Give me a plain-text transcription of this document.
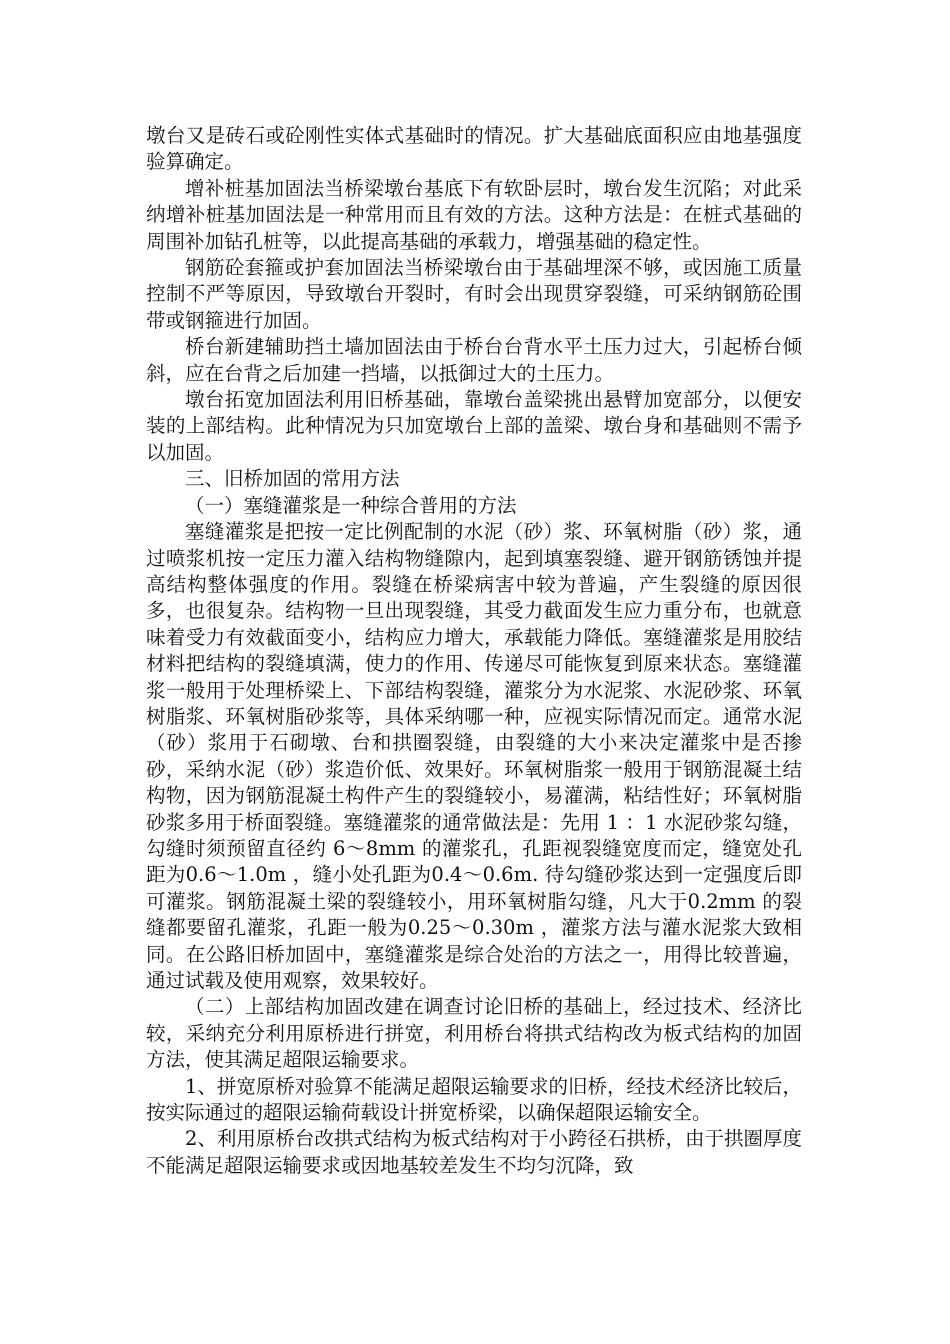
墩台又是砖石或砼刚性实体式基础时的情况。扩大基础底面积应由地基强度验算确定。

增补桩基加固法当桥梁墩台基底下有软卧层时，墩台发生沉陷；对此采纳增补桩基加固法是一种常用而且有效的方法。这种方法是：在桩式基础的周围补加钻孔桩等，以此提高基础的承载力，增强基础的稳定性。

钢筋砼套箍或护套加固法当桥梁墩台由于基础埋深不够，或因施工质量控制不严等原因，导致墩台开裂时，有时会出现贯穿裂缝，可采纳钢筋砼围带或钢箍进行加固。

桥台新建辅助挡土墙加固法由于桥台台背水平土压力过大，引起桥台倾斜，应在台背之后加建一挡墙，以抵御过大的土压力。

墩台拓宽加固法利用旧桥基础，靠墩台盖梁挑出悬臂加宽部分，以便安装的上部结构。此种情况为只加宽墩台上部的盖梁、墩台身和基础则不需予以加固。

三、旧桥加固的常用方法

（一）塞缝灌浆是一种综合普用的方法

塞缝灌浆是把按一定比例配制的水泥（砂）浆、环氧树脂（砂）浆，通过喷浆机按一定压力灌入结构物缝隙内，起到填塞裂缝、避开钢筋锈蚀并提高结构整体强度的作用。裂缝在桥梁病害中较为普遍，产生裂缝的原因很多，也很复杂。结构物一旦出现裂缝，其受力截面发生应力重分布，也就意味着受力有效截面变小，结构应力增大，承载能力降低。塞缝灌浆是用胶结材料把结构的裂缝填满，使力的作用、传递尽可能恢复到原来状态。塞缝灌浆一般用于处理桥梁上、下部结构裂缝，灌浆分为水泥浆、水泥砂浆、环氧树脂浆、环氧树脂砂浆等，具体采纳哪一种，应视实际情况而定。通常水泥（砂）浆用于石砌墩、台和拱圈裂缝，由裂缝的大小来决定灌浆中是否掺砂，采纳水泥（砂）浆造价低、效果好。环氧树脂浆一般用于钢筋混凝土结构物，因为钢筋混凝土构件产生的裂缝较小，易灌满，粘结性好；环氧树脂砂浆多用于桥面裂缝。塞缝灌浆的通常做法是：先用 1 ：1 水泥砂浆勾缝，勾缝时须预留直径约 6～8mm 的灌浆孔，孔距视裂缝宽度而定，缝宽处孔距为0.6～1.0m ，缝小处孔距为0.4～0.6m. 待勾缝砂浆达到一定强度后即可灌浆。钢筋混凝土梁的裂缝较小，用环氧树脂勾缝，凡大于0.2mm 的裂缝都要留孔灌浆，孔距一般为0.25～0.30m ，灌浆方法与灌水泥浆大致相同。在公路旧桥加固中，塞缝灌浆是综合处治的方法之一，用得比较普遍，通过试载及使用观察，效果较好。

（二）上部结构加固改建在调查讨论旧桥的基础上，经过技术、经济比较，采纳充分利用原桥进行拼宽，利用桥台将拱式结构改为板式结构的加固方法，使其满足超限运输要求。

1、拼宽原桥对验算不能满足超限运输要求的旧桥，经技术经济比较后，按实际通过的超限运输荷载设计拼宽桥梁，以确保超限运输安全。

2、利用原桥台改拱式结构为板式结构对于小跨径石拱桥，由于拱圈厚度不能满足超限运输要求或因地基较差发生不均匀沉降，致
